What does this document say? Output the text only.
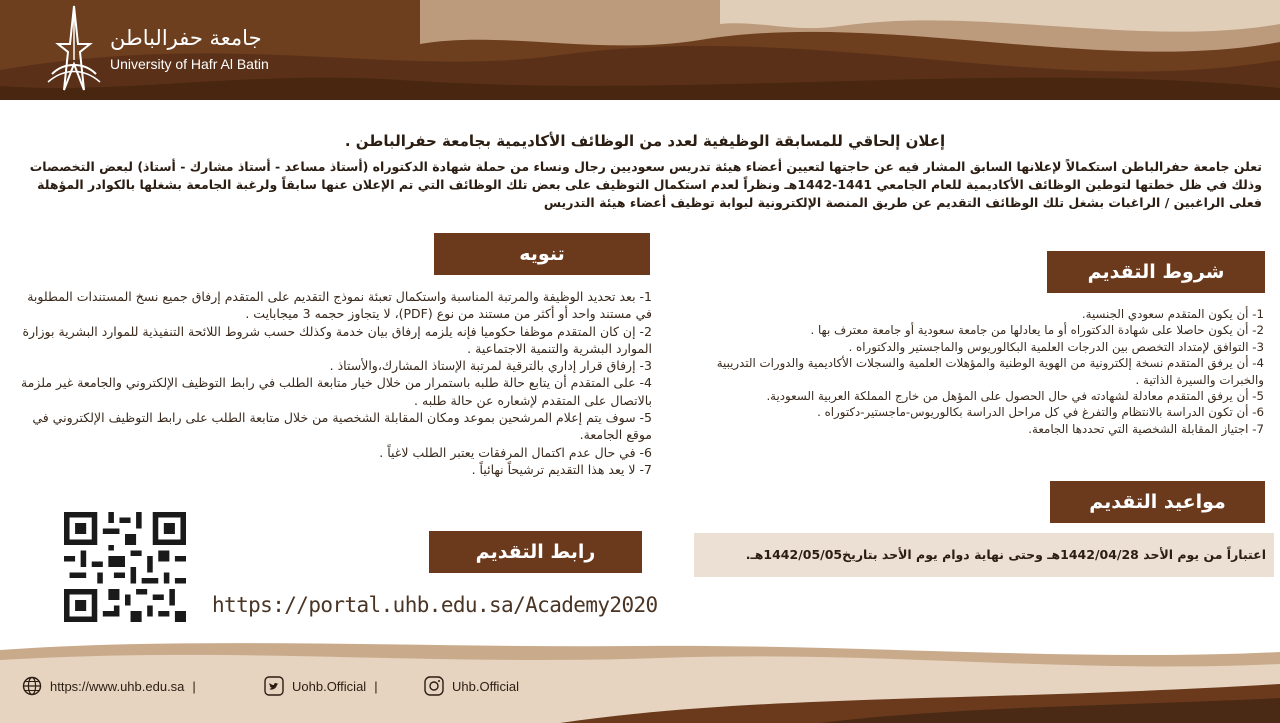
جامعة حفرالباطن
University of Hafr Al Batin
إعلان إلحاقي للمسابقة الوظيفية لعدد من الوظائف الأكاديمية بجامعة حفرالباطن .
تعلن جامعة حفرالباطن استكمالاً لإعلانها السابق المشار فيه عن حاجتها لتعيين أعضاء هيئة تدريس سعوديين رجال ونساء من حملة شهادة الدكتوراه (أستاذ مساعد - أستاذ مشارك - أستاذ) لبعض التخصصات وذلك في ظل خطتها لتوطين الوظائف الأكاديمية للعام الجامعي 1441-1442هـ ونظراً لعدم استكمال التوظيف على بعض تلك الوظائف التي تم الإعلان عنها سابقاً ولرغبة الجامعة بشغلها بالكوادر المؤهلة فعلى الراغبين / الراغبات بشغل تلك الوظائف التقديم عن طريق المنصة الإلكترونية لبوابة توظيف أعضاء هيئة التدريس
تنويه
1- بعد تحديد الوظيفة والمرتبة المناسبة واستكمال تعبئة نموذج التقديم على المتقدم إرفاق جميع نسخ المستندات المطلوبة في مستند واحد أو أكثر من مستند من نوع (PDF)، لا يتجاوز حجمه 3 ميجابايت .
2- إن كان المتقدم موظفا حكوميا فإنه يلزمه إرفاق بيان خدمة وكذلك حسب شروط اللائحة التنفيذية للموارد البشرية بوزارة الموارد البشرية والتنمية الاجتماعية .
3- إرفاق قرار إداري بالترقية لمرتبة الإستاذ المشارك،والأستاذ .
4- على المتقدم أن يتابع حالة طلبه باستمرار من خلال خيار متابعة الطلب في رابط التوظيف الإلكتروني والجامعة غير ملزمة بالاتصال على المتقدم لإشعاره عن حالة طلبه .
5- سوف يتم إعلام المرشحين بموعد ومكان المقابلة الشخصية من خلال متابعة الطلب على رابط التوظيف الإلكتروني في موقع الجامعة.
6- في حال عدم اكتمال المرفقات يعتبر الطلب لاغياً .
7- لا يعد هذا التقديم ترشيحاً نهائياً .
شروط التقديم
1- أن يكون المتقدم سعودي الجنسية.
2- أن يكون حاصلا على شهادة الدكتوراه أو ما يعادلها من جامعة سعودية أو جامعة معترف بها .
3- التوافق لإمتداد التخصص بين الدرجات العلمية البكالوريوس والماجستير والدكتوراه .
4- أن يرفق المتقدم نسخة إلكترونية من الهوية الوطنية والمؤهلات العلمية والسجلات الأكاديمية والدورات التدريبية والخبرات والسيرة الذاتية .
5- أن يرفق المتقدم معادلة لشهادته في حال الحصول على المؤهل من خارج المملكة العربية السعودية.
6- أن تكون الدراسة بالانتظام والتفرغ في كل مراحل الدراسة بكالوريوس-ماجستير-دكتوراه .
7- اجتياز المقابلة الشخصية التي تحددها الجامعة.
مواعيد التقديم
اعتباراً من يوم الأحد 1442/04/28هـ وحتى نهاية دوام يوم الأحد بتاريخ1442/05/05هـ.
رابط التقديم
https://portal.uhb.edu.sa/Academy2020
https://www.uhb.edu.sa |	Uohb.Official |	Uhb.Official
